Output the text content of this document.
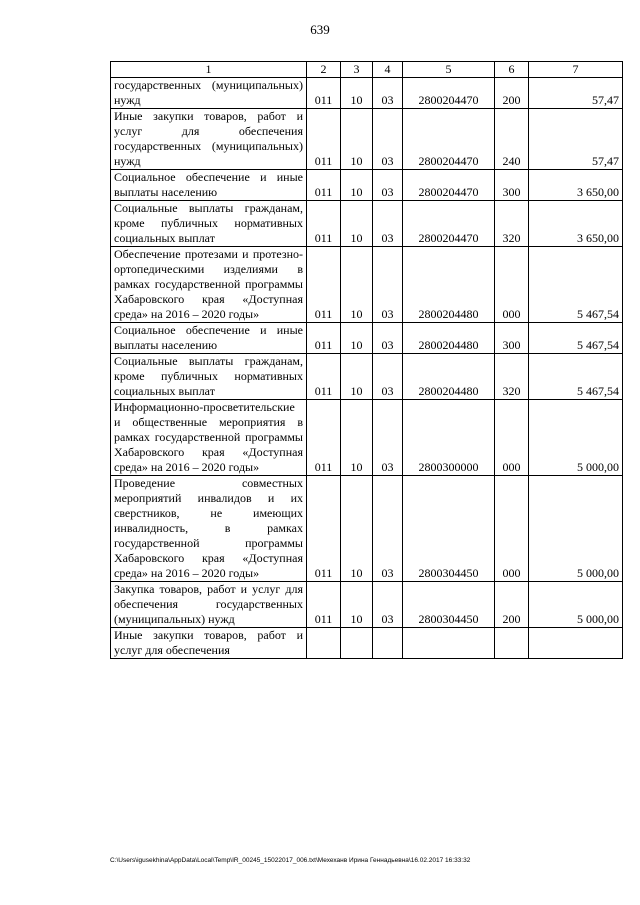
639
1	2	3	4	5	6	7
государственных (муниципальных) нужд	011	10	03	2800204470	200	57,47
Иные закупки товаров, работ и услуг для обеспечения государственных (муниципальных) нужд	011	10	03	2800204470	240	57,47
Социальное обеспечение и иные выплаты населению	011	10	03	2800204470	300	3 650,00
Социальные выплаты гражданам, кроме публичных нормативных социальных выплат	011	10	03	2800204470	320	3 650,00
Обеспечение протезами и протезно-ортопедическими изделиями в рамках государственной программы Хабаровского края «Доступная среда» на 2016 – 2020 годы»	011	10	03	2800204480	000	5 467,54
Социальное обеспечение и иные выплаты населению	011	10	03	2800204480	300	5 467,54
Социальные выплаты гражданам, кроме публичных нормативных социальных выплат	011	10	03	2800204480	320	5 467,54
Информационно-просветительские и общественные мероприятия в рамках государственной программы Хабаровского края «Доступная среда» на 2016 – 2020 годы»	011	10	03	2800300000	000	5 000,00
Проведение совместных мероприятий инвалидов и их сверстников, не имеющих инвалидность, в рамках государственной программы Хабаровского края «Доступная среда» на 2016 – 2020 годы»	011	10	03	2800304450	000	5 000,00
Закупка товаров, работ и услуг для обеспечения государственных (муниципальных) нужд	011	10	03	2800304450	200	5 000,00
Иные закупки товаров, работ и услуг для обеспечения						
C:\Users\igusekhina\AppData\Local\Temp\IR_00245_15022017_006.txt\Мехеханв Ирина Геннадьевна\16.02.2017 16:33:32
